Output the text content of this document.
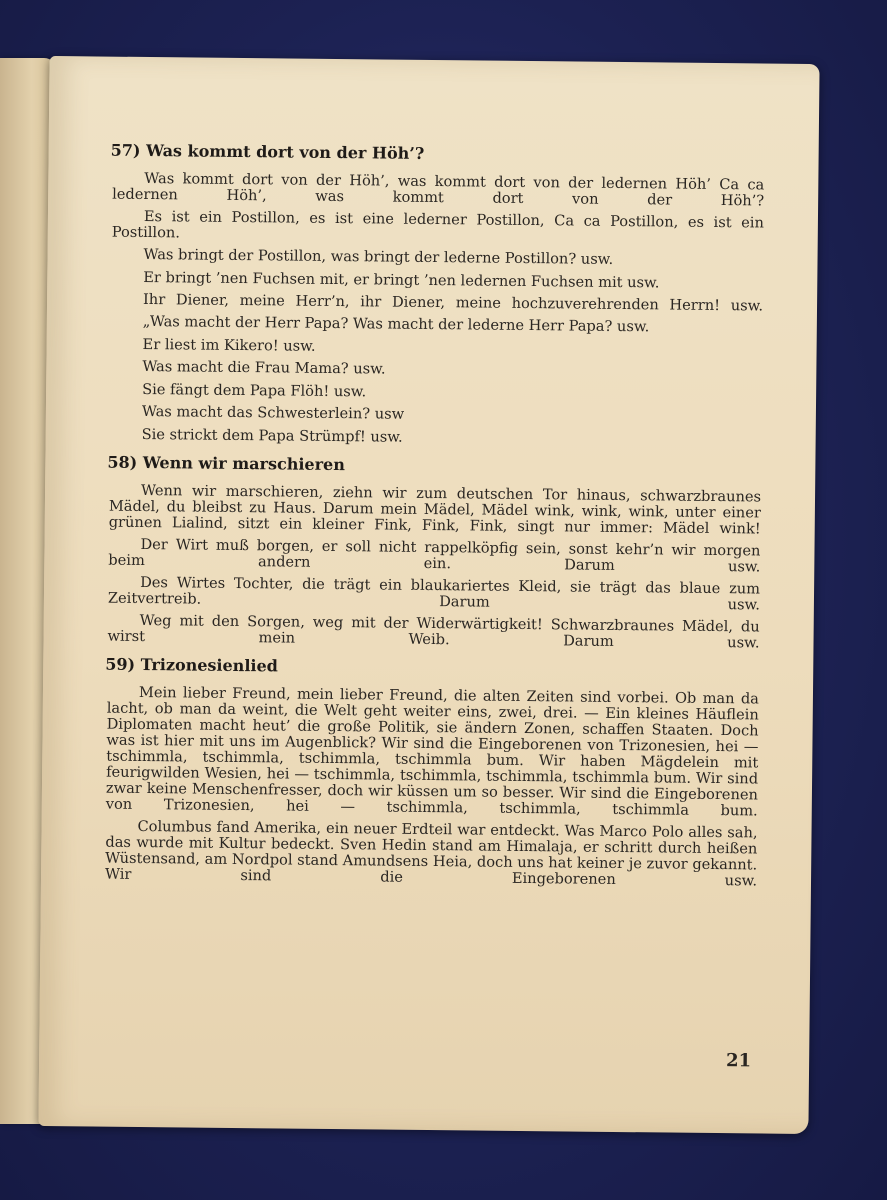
57) Was kommt dort von der Höh’?
Was kommt dort von der Höh’, was kommt dort von der ledernen Höh’ Ca ca ledernen Höh’, was kommt dort von der Höh’?
Es ist ein Postillon, es ist eine lederner Postillon, Ca ca Postillon, es ist ein Postillon.
Was bringt der Postillon, was bringt der lederne Postillon? usw.
Er bringt ’nen Fuchsen mit, er bringt ’nen ledernen Fuchsen mit usw.
Ihr Diener, meine Herr’n, ihr Diener, meine hochzuverehrenden Herrn! usw.
„Was macht der Herr Papa? Was macht der lederne Herr Papa? usw.
Er liest im Kikero! usw.
Was macht die Frau Mama? usw.
Sie fängt dem Papa Flöh! usw.
Was macht das Schwesterlein? usw
Sie strickt dem Papa Strümpf! usw.
58) Wenn wir marschieren
Wenn wir marschieren, ziehn wir zum deutschen Tor hinaus, schwarzbraunes Mädel, du bleibst zu Haus. Darum mein Mädel, Mädel wink, wink, wink, unter einer grünen Lialind, sitzt ein kleiner Fink, Fink, Fink, singt nur immer: Mädel wink!
Der Wirt muß borgen, er soll nicht rappelköpfig sein, sonst kehr’n wir morgen beim andern ein. Darum usw.
Des Wirtes Tochter, die trägt ein blaukariertes Kleid, sie trägt das blaue zum Zeitvertreib. Darum usw.
Weg mit den Sorgen, weg mit der Widerwärtigkeit! Schwarzbraunes Mädel, du wirst mein Weib. Darum usw.
59) Trizonesienlied
Mein lieber Freund, mein lieber Freund, die alten Zeiten sind vorbei. Ob man da lacht, ob man da weint, die Welt geht weiter eins, zwei, drei. — Ein kleines Häuflein Diplomaten macht heut’ die große Politik, sie ändern Zonen, schaffen Staaten. Doch was ist hier mit uns im Augenblick? Wir sind die Eingeborenen von Trizonesien, hei — tschimmla, tschimmla, tschimmla, tschimmla bum. Wir haben Mägdelein mit feurigwilden Wesien, hei — tschimmla, tschimmla, tschimmla, tschimmla bum. Wir sind zwar keine Menschenfresser, doch wir küssen um so besser. Wir sind die Eingeborenen von Trizonesien, hei — tschimmla, tschimmla, tschimmla bum.
Columbus fand Amerika, ein neuer Erdteil war entdeckt. Was Marco Polo alles sah, das wurde mit Kultur bedeckt. Sven Hedin stand am Himalaja, er schritt durch heißen Wüstensand, am Nordpol stand Amundsens Heia, doch uns hat keiner je zuvor gekannt. Wir sind die Eingeborenen usw.
21
